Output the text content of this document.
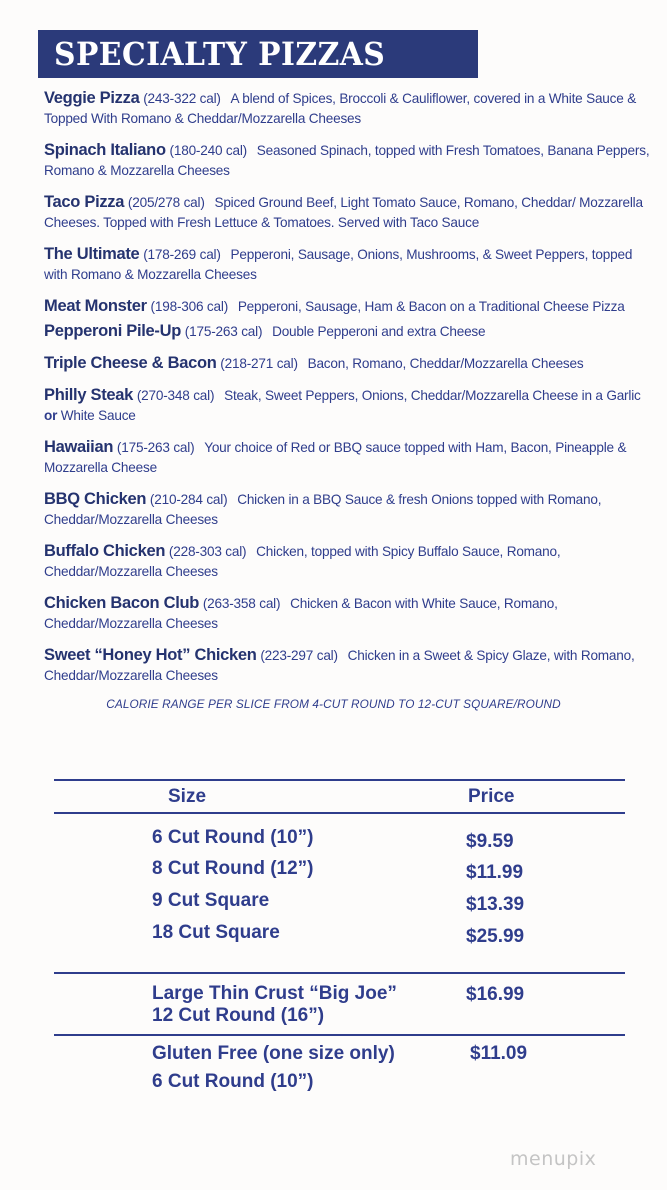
SPECIALTY PIZZAS
Veggie Pizza (243-322 cal) A blend of Spices, Broccoli & Cauliflower, covered in a White Sauce & Topped With Romano & Cheddar/Mozzarella Cheeses
Spinach Italiano (180-240 cal) Seasoned Spinach, topped with Fresh Tomatoes, Banana Peppers, Romano & Mozzarella Cheeses
Taco Pizza (205/278 cal) Spiced Ground Beef, Light Tomato Sauce, Romano, Cheddar/ Mozzarella Cheeses. Topped with Fresh Lettuce & Tomatoes. Served with Taco Sauce
The Ultimate (178-269 cal) Pepperoni, Sausage, Onions, Mushrooms, & Sweet Peppers, topped with Romano & Mozzarella Cheeses
Meat Monster (198-306 cal) Pepperoni, Sausage, Ham & Bacon on a Traditional Cheese Pizza
Pepperoni Pile-Up (175-263 cal) Double Pepperoni and extra Cheese
Triple Cheese & Bacon (218-271 cal) Bacon, Romano, Cheddar/Mozzarella Cheeses
Philly Steak (270-348 cal) Steak, Sweet Peppers, Onions, Cheddar/Mozzarella Cheese in a Garlic or White Sauce
Hawaiian (175-263 cal) Your choice of Red or BBQ sauce topped with Ham, Bacon, Pineapple & Mozzarella Cheese
BBQ Chicken (210-284 cal) Chicken in a BBQ Sauce & fresh Onions topped with Romano, Cheddar/Mozzarella Cheeses
Buffalo Chicken (228-303 cal) Chicken, topped with Spicy Buffalo Sauce, Romano, Cheddar/Mozzarella Cheeses
Chicken Bacon Club (263-358 cal) Chicken & Bacon with White Sauce, Romano, Cheddar/Mozzarella Cheeses
Sweet “Honey Hot” Chicken (223-297 cal) Chicken in a Sweet & Spicy Glaze, with Romano, Cheddar/Mozzarella Cheeses
CALORIE RANGE PER SLICE FROM 4-CUT ROUND TO 12-CUT SQUARE/ROUND
Size	Price
6 Cut Round (10”)	$9.59
8 Cut Round (12”)	$11.99
9 Cut Square	$13.39
18 Cut Square	$25.99
Large Thin Crust “Big Joe”
12 Cut Round (16”)
$16.99
Gluten Free (one size only)
6 Cut Round (10”)
$11.09
menupix
